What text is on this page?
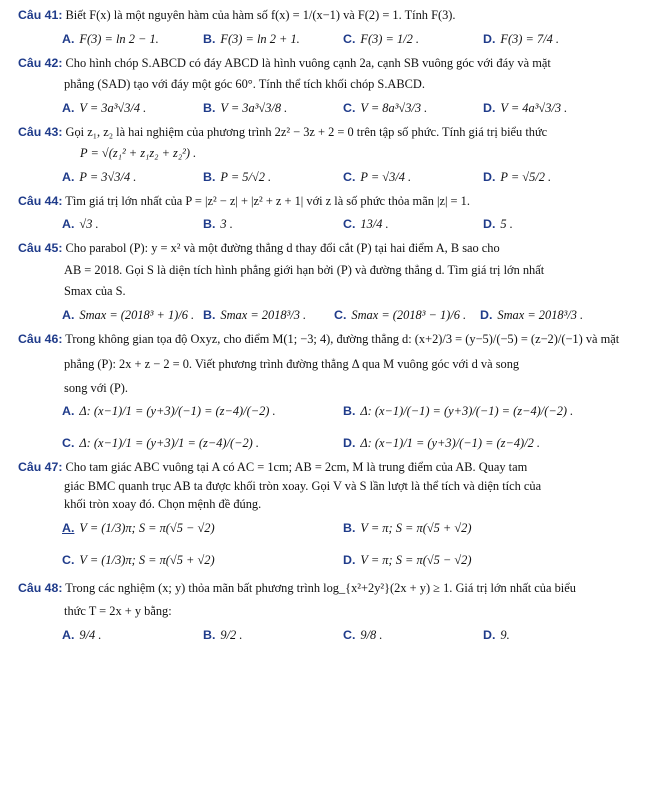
Câu 41: Biết F(x) là một nguyên hàm của hàm số f(x) = 1/(x−1) và F(2) = 1. Tính F(3).
A. F(3) = ln 2 − 1.	B. F(3) = ln 2 + 1.	C. F(3) = 1/2 .	D. F(3) = 7/4 .
Câu 42: Cho hình chóp S.ABCD có đáy ABCD là hình vuông cạnh 2a, cạnh SB vuông góc với đáy và mặt
phẳng (SAD) tạo với đáy một góc 60°. Tính thể tích khối chóp S.ABCD.
A. V = 3a³√3/4 .	B. V = 3a³√3/8 .	C. V = 8a³√3/3 .	D. V = 4a³√3/3 .
Câu 43: Gọi z₁, z₂ là hai nghiệm của phương trình 2z² − 3z + 2 = 0 trên tập số phức. Tính giá trị biểu thức
P = √(z₁² + z₁z₂ + z₂²) .
A. P = 3√3/4 .	B. P = 5/√2 .	C. P = √3/4 .	D. P = √5/2 .
Câu 44: Tìm giá trị lớn nhất của P = |z² − z| + |z² + z + 1| với z là số phức thỏa mãn |z| = 1.
A. √3 .	B. 3 .	C. 13/4 .	D. 5 .
Câu 45: Cho parabol (P): y = x² và một đường thẳng d thay đổi cắt (P) tại hai điểm A, B sao cho
AB = 2018. Gọi S là diện tích hình phẳng giới hạn bởi (P) và đường thẳng d. Tìm giá trị lớn nhất
Smax của S.
A. Smax = (2018³ + 1)/6 . B. Smax = 2018³/3 . C. Smax = (2018³ − 1)/6 . D. Smax = 2018³/3 .
Câu 46: Trong không gian tọa độ Oxyz, cho điểm M(1; −3; 4), đường thẳng d: (x+2)/3 = (y−5)/(−5) = (z−2)/(−1) và mặt
phẳng (P): 2x + z − 2 = 0. Viết phương trình đường thẳng Δ qua M vuông góc với d và song
song với (P).
A. Δ: (x−1)/1 = (y+3)/(−1) = (z−4)/(−2) .	B. Δ: (x−1)/(−1) = (y+3)/(−1) = (z−4)/(−2) .
C. Δ: (x−1)/1 = (y+3)/1 = (z−4)/(−2) .	D. Δ: (x−1)/1 = (y+3)/(−1) = (z−4)/2 .
Câu 47: Cho tam giác ABC vuông tại A có AC = 1cm; AB = 2cm, M là trung điểm của AB. Quay tam
giác BMC quanh trục AB ta được khối tròn xoay. Gọi V và S lần lượt là thể tích và diện tích của
khối tròn xoay đó. Chọn mệnh đề đúng.
A. V = (1/3)π; S = π(√5 − √2)	B. V = π; S = π(√5 + √2)
C. V = (1/3)π; S = π(√5 + √2)	D. V = π; S = π(√5 − √2)
Câu 48: Trong các nghiệm (x; y) thỏa mãn bất phương trình log_{x²+2y²}(2x + y) ≥ 1. Giá trị lớn nhất của biểu
thức T = 2x + y bằng:
A. 9/4 .	B. 9/2 .	C. 9/8 .	D. 9.
